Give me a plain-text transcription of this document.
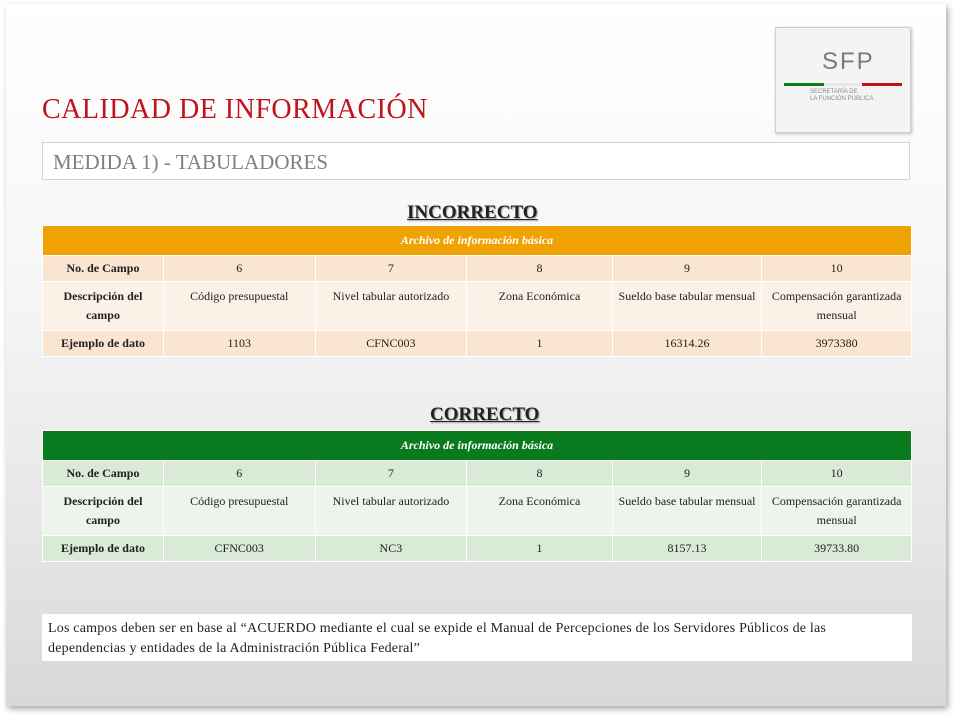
SFP
SECRETARÍA DE
LA FUNCIÓN PÚBLICA
CALIDAD DE INFORMACIÓN
MEDIDA 1) - TABULADORES
INCORRECTO
Archivo de información básica					
No. de Campo	6	7	8	9	10
Descripción del campo	Código presupuestal	Nivel tabular autorizado	Zona Económica	Sueldo base tabular mensual	Compensación garantizada mensual
Ejemplo de dato	1103	CFNC003	1	16314.26	3973380
CORRECTO
Archivo de información básica					
No. de Campo	6	7	8	9	10
Descripción del campo	Código presupuestal	Nivel tabular autorizado	Zona Económica	Sueldo base tabular mensual	Compensación garantizada mensual
Ejemplo de dato	CFNC003	NC3	1	8157.13	39733.80
Los campos deben ser en base al “ACUERDO mediante el cual se expide el Manual de Percepciones de los Servidores Públicos de las dependencias y entidades de la Administración Pública Federal”
